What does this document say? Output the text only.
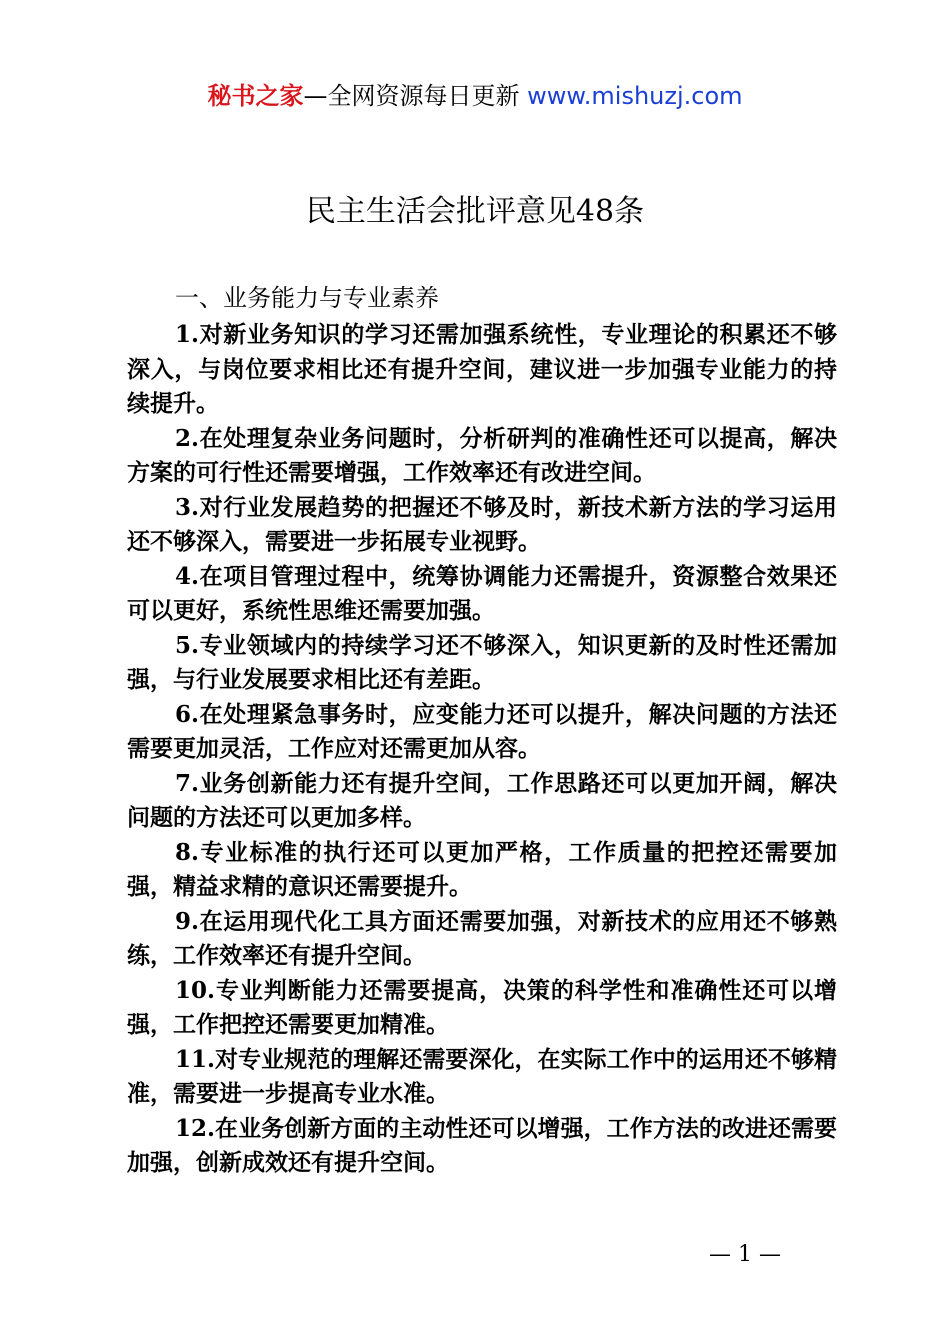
秘书之家—全网资源每日更新 www.mishuzj.com
民主生活会批评意见48条

一、业务能力与专业素养

1.对新业务知识的学习还需加强系统性，专业理论的积累还不够深入，与岗位要求相比还有提升空间，建议进一步加强专业能力的持续提升。

2.在处理复杂业务问题时，分析研判的准确性还可以提高，解决方案的可行性还需要增强，工作效率还有改进空间。

3.对行业发展趋势的把握还不够及时，新技术新方法的学习运用还不够深入，需要进一步拓展专业视野。

4.在项目管理过程中，统筹协调能力还需提升，资源整合效果还可以更好，系统性思维还需要加强。

5.专业领域内的持续学习还不够深入，知识更新的及时性还需加强，与行业发展要求相比还有差距。

6.在处理紧急事务时，应变能力还可以提升，解决问题的方法还需要更加灵活，工作应对还需更加从容。

7.业务创新能力还有提升空间，工作思路还可以更加开阔，解决问题的方法还可以更加多样。

8.专业标准的执行还可以更加严格，工作质量的把控还需要加强，精益求精的意识还需要提升。

9.在运用现代化工具方面还需要加强，对新技术的应用还不够熟练，工作效率还有提升空间。

10.专业判断能力还需要提高，决策的科学性和准确性还可以增强，工作把控还需要更加精准。

11.对专业规范的理解还需要深化，在实际工作中的运用还不够精准，需要进一步提高专业水准。

12.在业务创新方面的主动性还可以增强，工作方法的改进还需要加强，创新成效还有提升空间。

— 1 —
